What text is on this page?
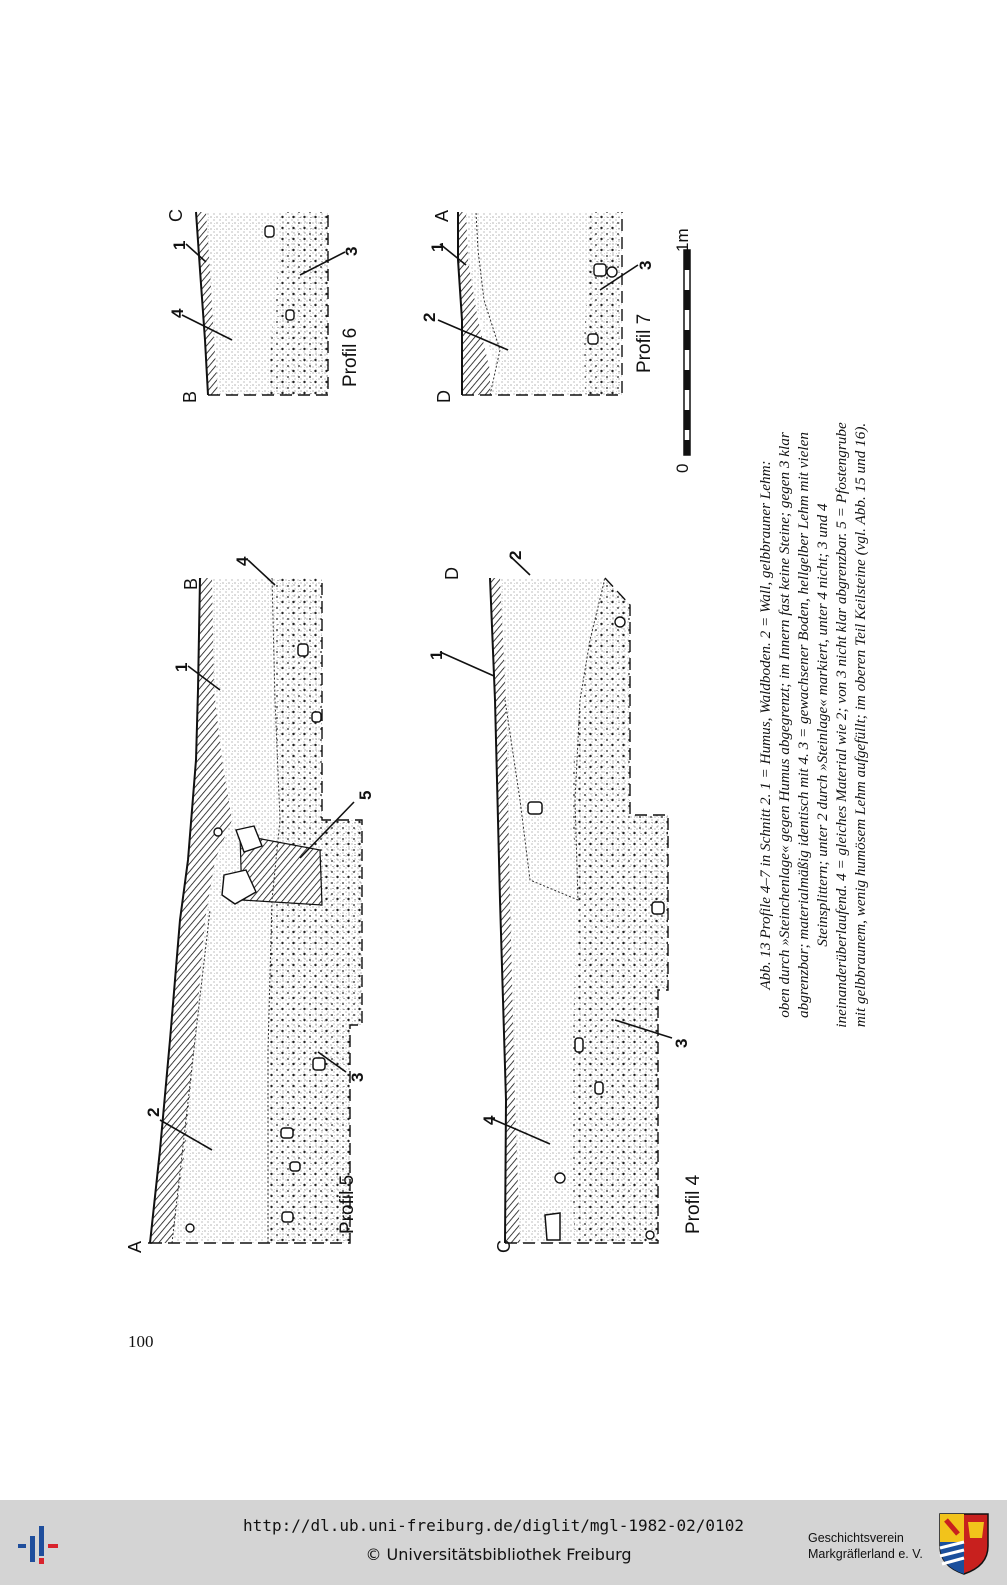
Profil 5
A
B
1
2
3
4
5
Profil 4
C
D
1
2
3
4
Profil 6
B
C
1
3
4
Profil 7
D
A
1
2
3
0
1m
Abb. 13 Profile 4–7 in Schnitt 2. 1 = Humus, Waldboden. 2 = Wall, gelbbrauner Lehm: oben durch »Steinchenlage« gegen Humus abgegrenzt; im Innern fast keine Steine; gegen 3 klar abgrenzbar; materialmäßig identisch mit 4. 3 = gewachsener Boden, hellgelber Lehm mit vielen Steinsplittern; unter 2 durch »Steinlage« markiert, unter 4 nicht; 3 und 4 ineinanderüberlaufend. 4 = gleiches Material wie 2; von 3 nicht klar abgrenzbar. 5 = Pfostengrube mit gelbbraunem, wenig humösem Lehm aufgefüllt; im oberen Teil Keilsteine (vgl. Abb. 15 und 16).
100
http://dl.ub.uni-freiburg.de/diglit/mgl-1982-02/0102
© Universitätsbibliothek Freiburg
Geschichtsverein
Markgräflerland e. V.
